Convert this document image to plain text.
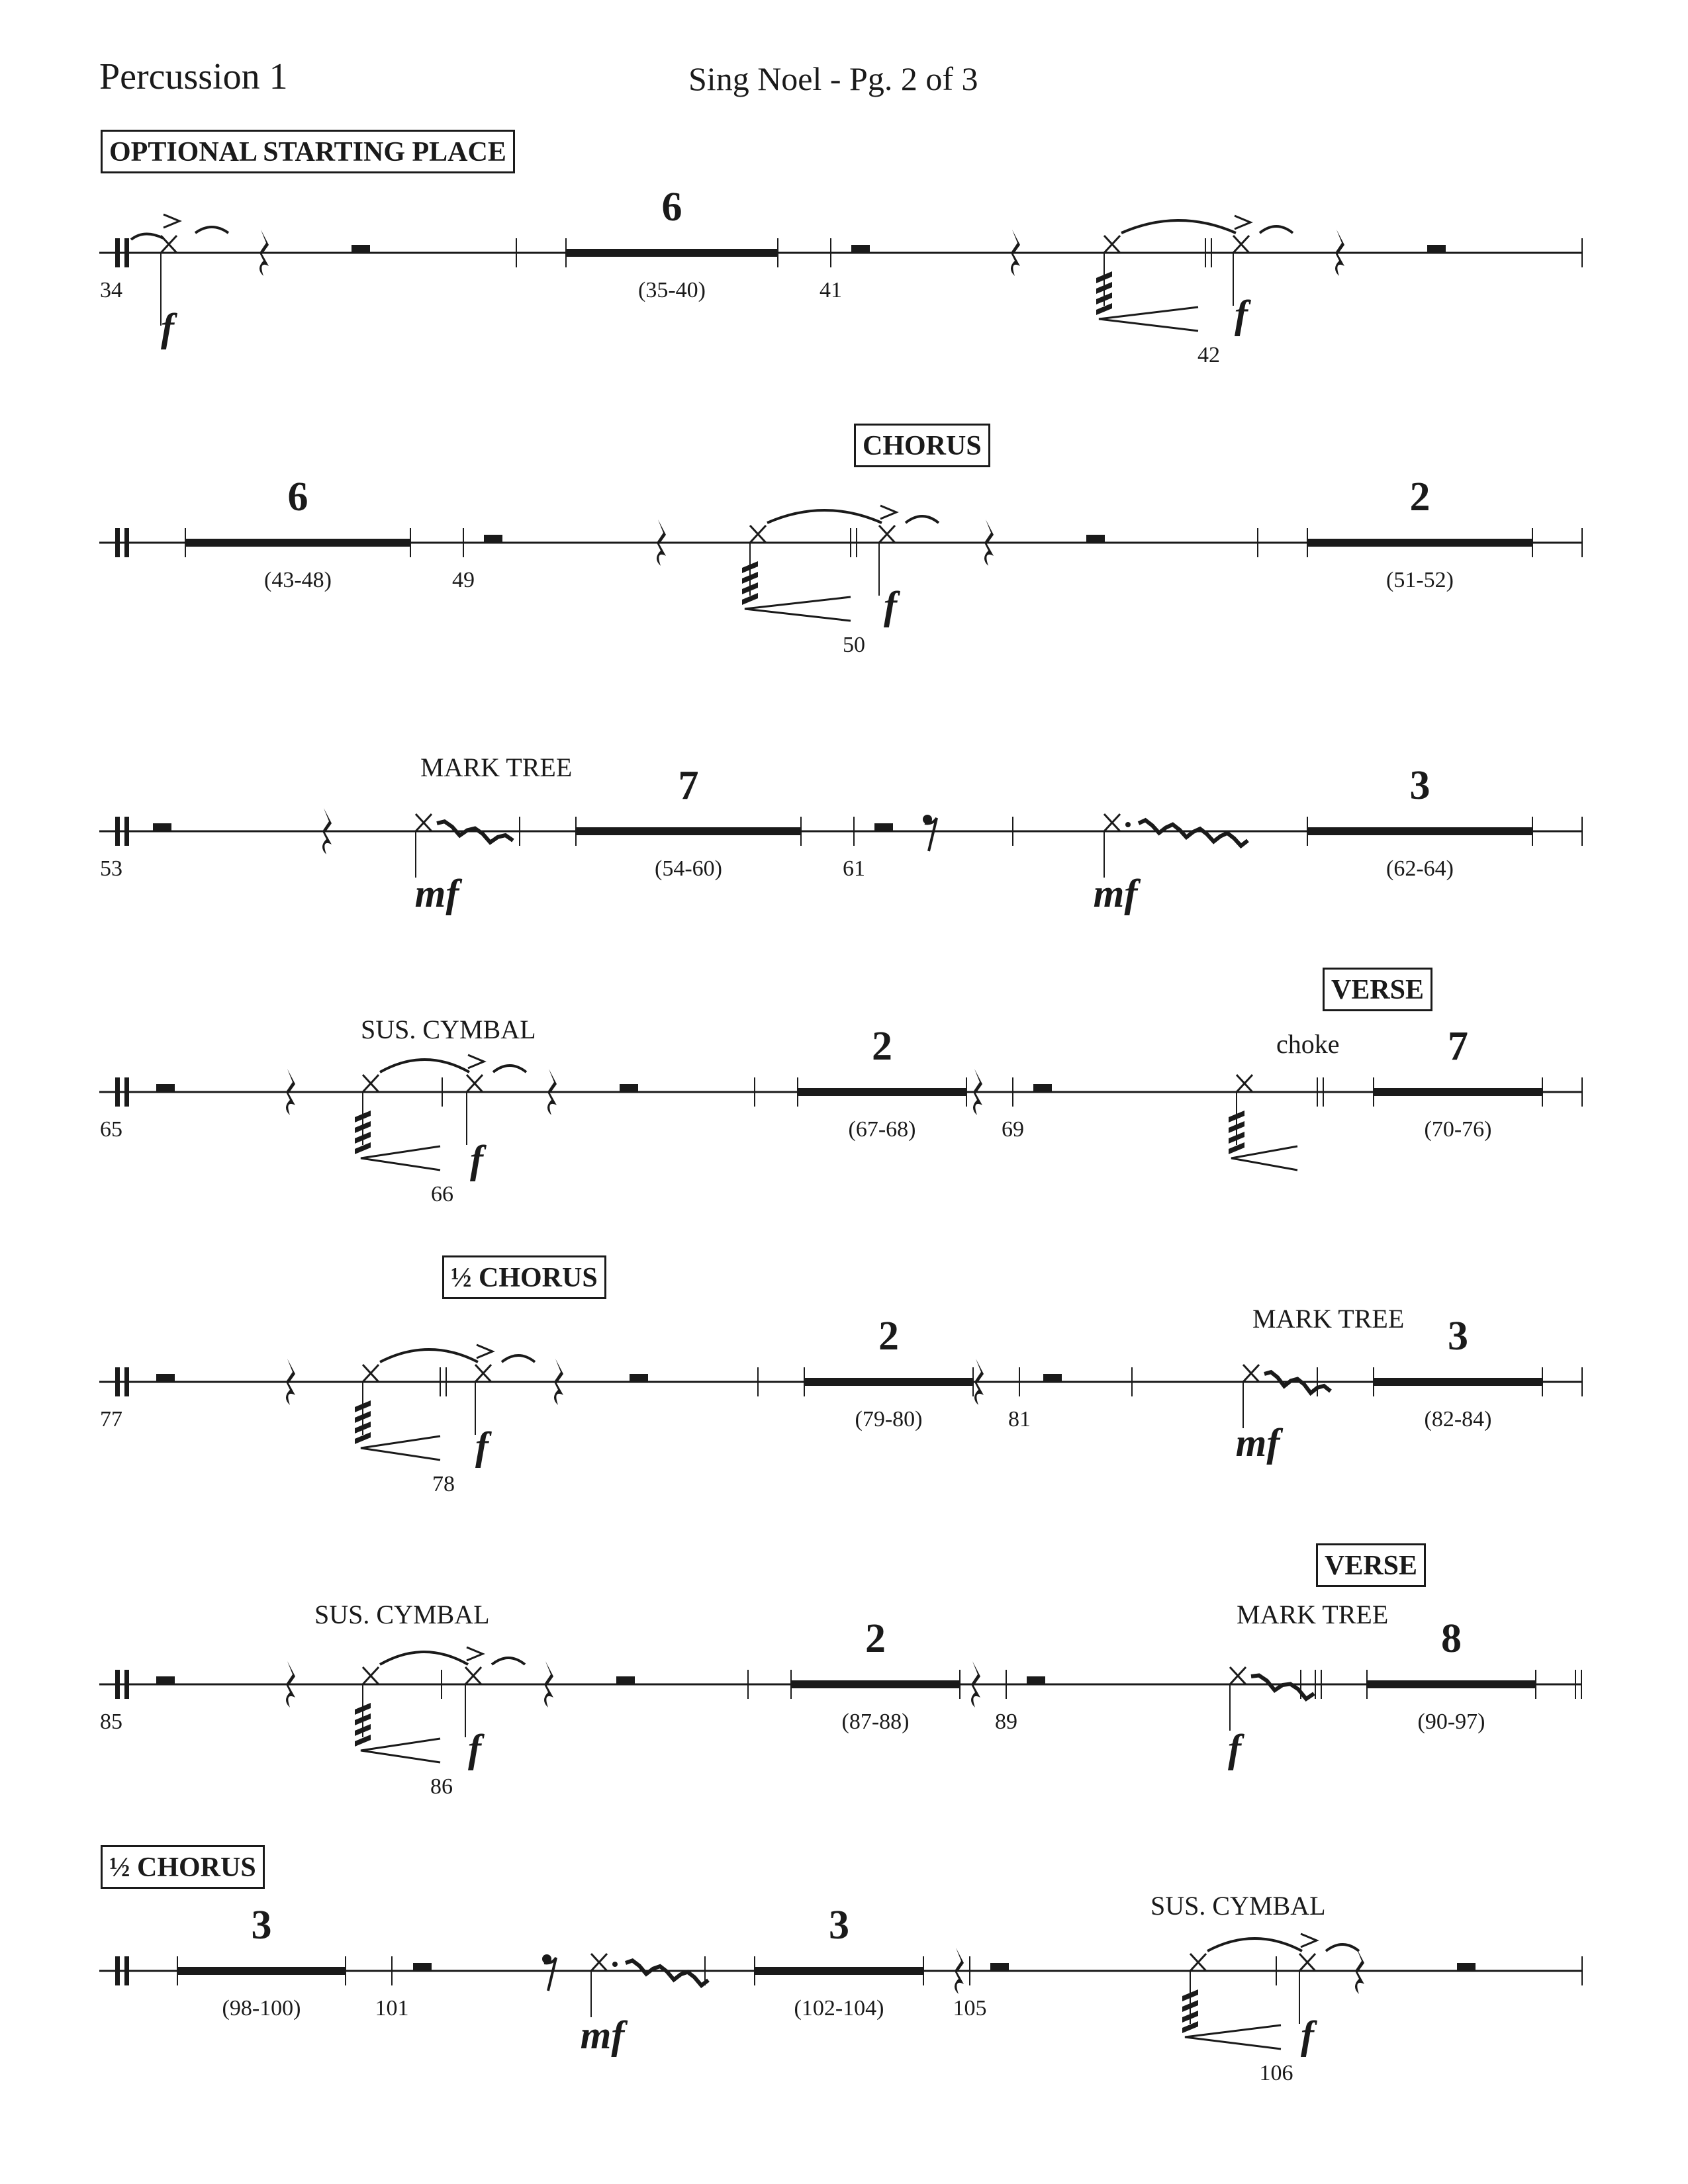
Percussion 1	Sing Noel - Pg. 2 of 3
34
6
(35-40)	41
42
f	f
OPTIONAL STARTING PLACE
6
(43-48)
2
(51-52)
49
50
f
CHORUS
53
7
(54-60)
3
(62-64)
61
mf	mf
MARK TREE
65
2
(67-68)
7
(70-76)
69
66
f
VERSE
SUS. CYMBAL	choke
77
2
(79-80)
3
(82-84)
81
78
f	mf
½ CHORUS
MARK TREE
85
2
(87-88)
8
(90-97)
89
86
f	f
VERSE
SUS. CYMBAL	MARK TREE
3
(98-100)
3
(102-104)
101	105
106
mf	f
½ CHORUS
SUS. CYMBAL
